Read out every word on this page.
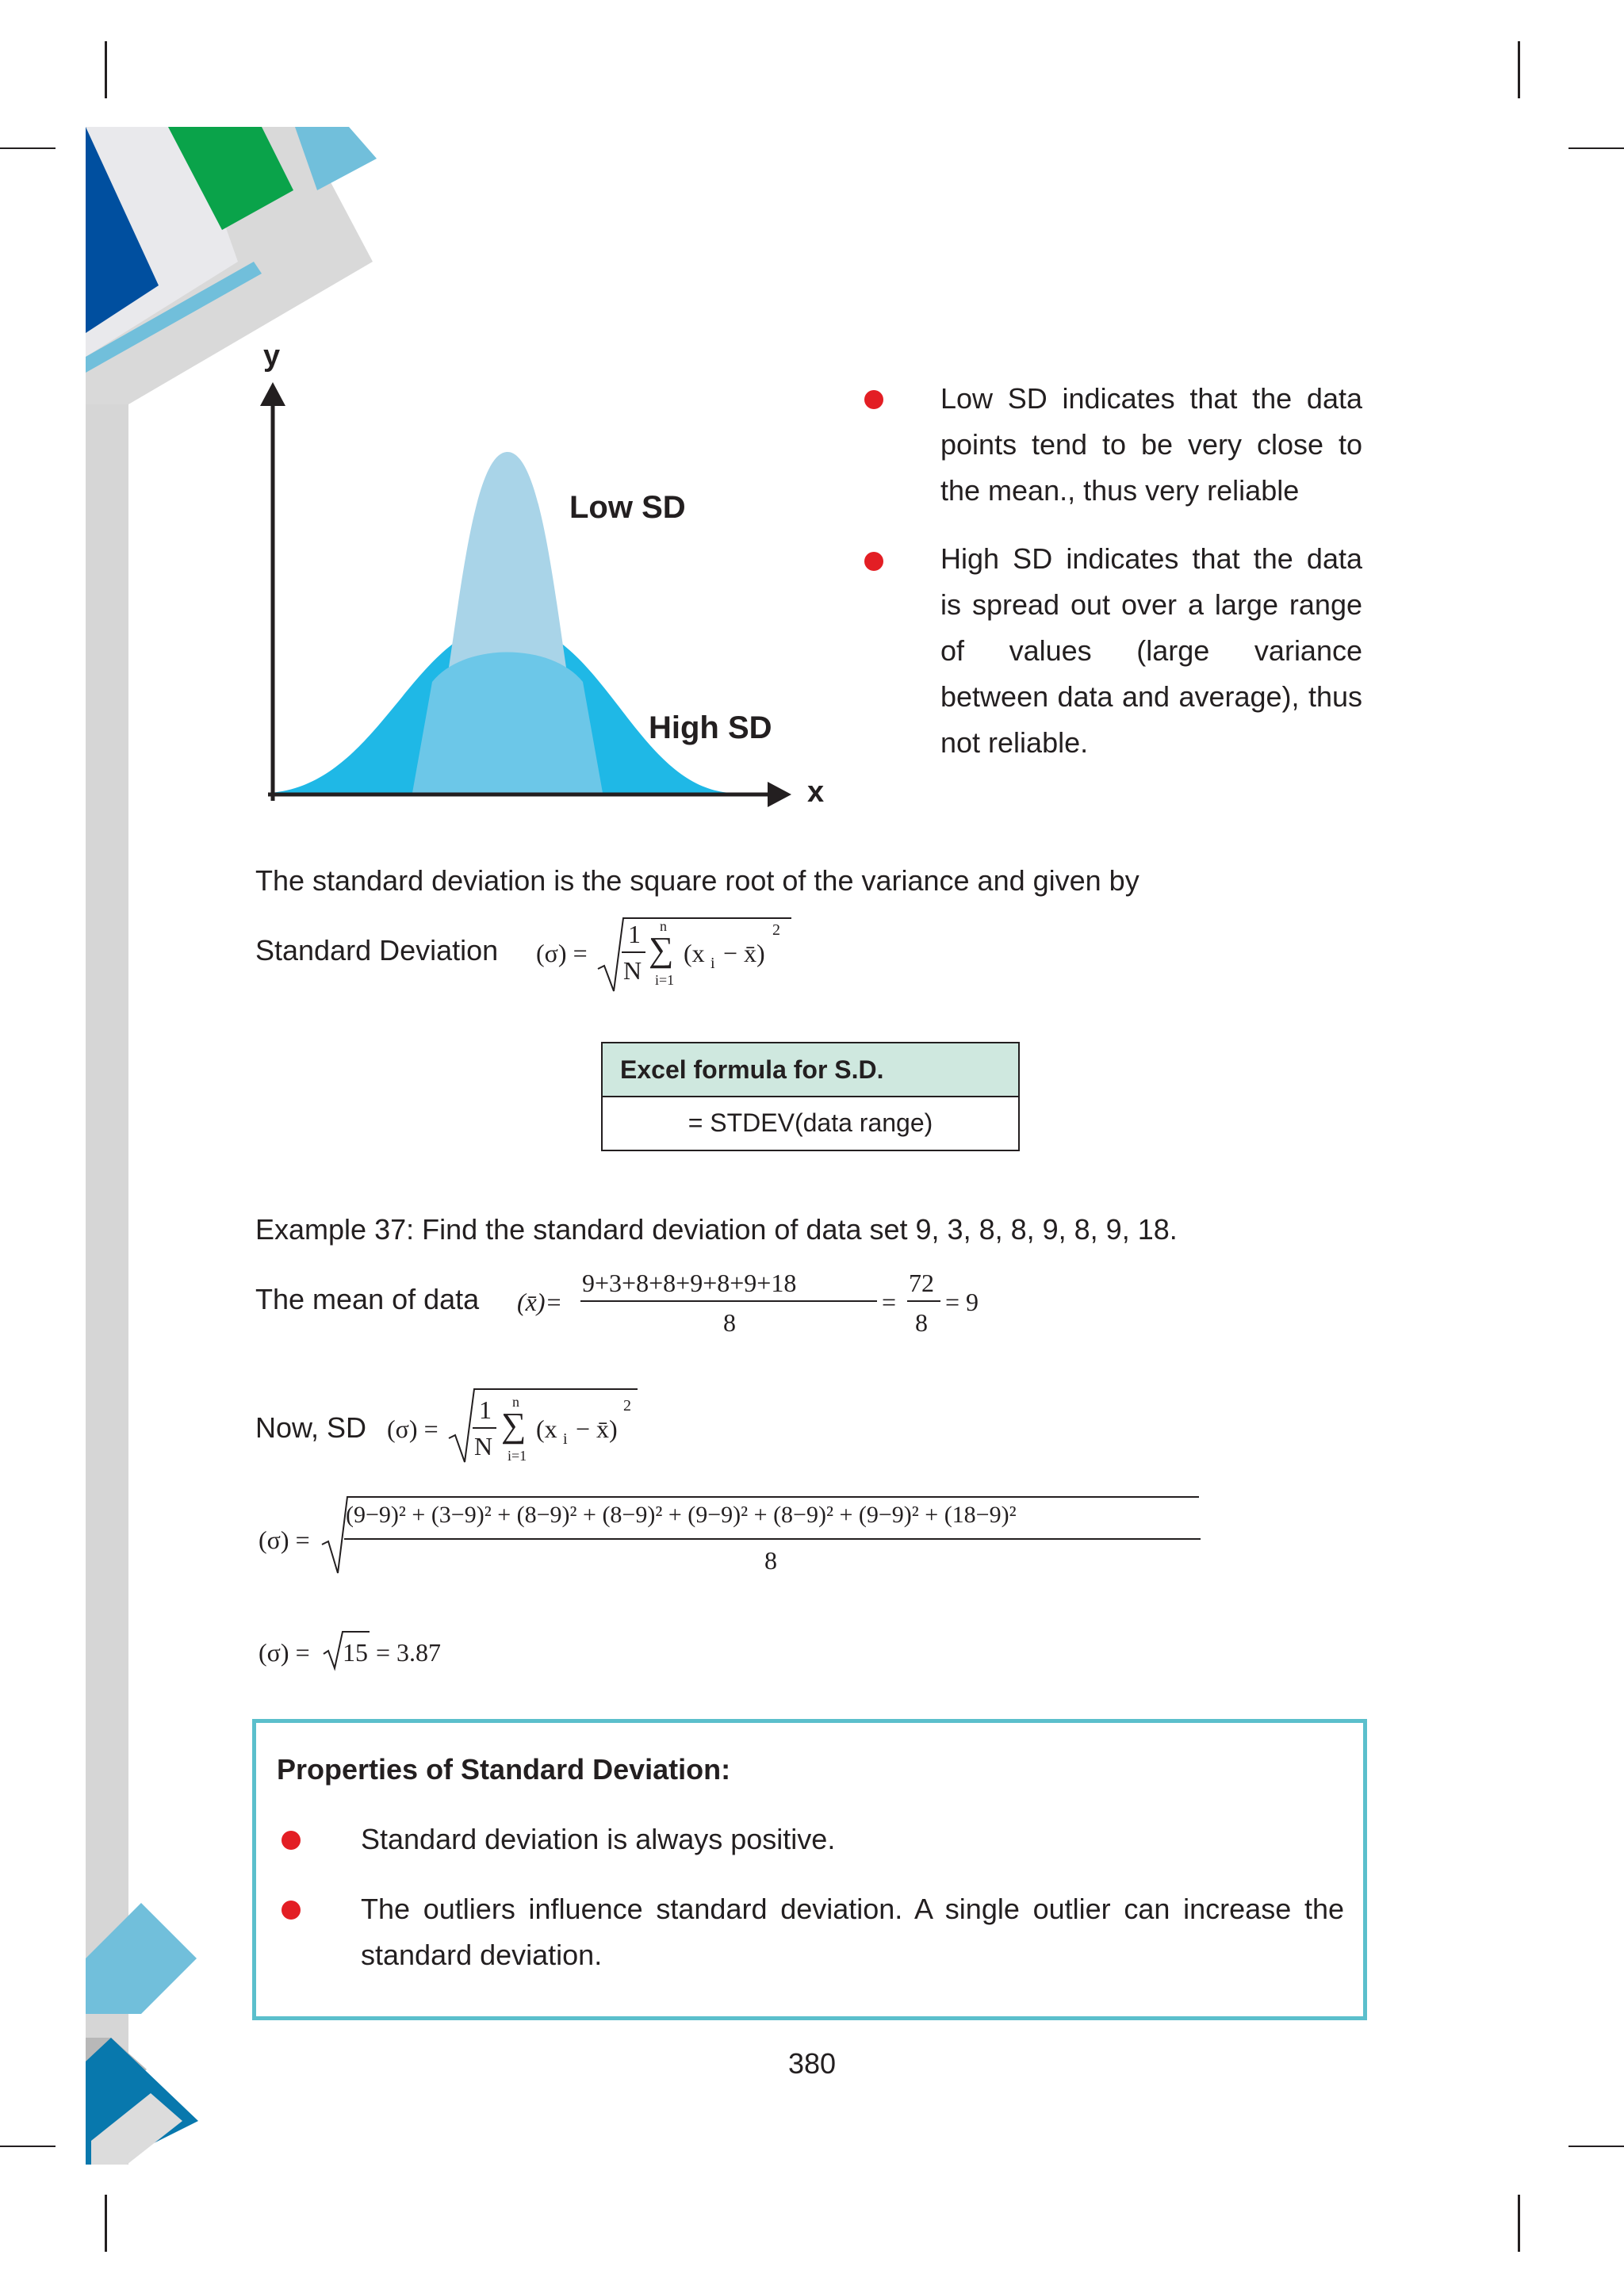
y
x
Low SD
High SD
Low SD indicates that the data points tend to be very close to the mean., thus very reliable
High SD indicates that the data is spread out over a large range of values (large variance between data and average), thus not reliable.
The standard deviation is the square root of the variance and given by
Standard Deviation (σ) =
1
N
n
∑
i=1
(x i − x̄)
2
Excel formula for S.D.
= STDEV(data range)
Example 37: Find the standard deviation of data set 9, 3, 8, 8, 9, 8, 9, 18.
The mean of data (x̄)=
9+3+8+8+9+8+9+18
8
=
72
8
= 9
Now, SD (σ) =
1
N
n
∑
i=1
(x i − x̄)
2
(σ) =
(9−9)² + (3−9)² + (8−9)² + (8−9)² + (9−9)² + (8−9)² + (9−9)² + (18−9)²
8
(σ) = 15 = 3.87
Properties of Standard Deviation:
Standard deviation is always positive.
The outliers influence standard deviation. A single outlier can increase the standard deviation.
380
